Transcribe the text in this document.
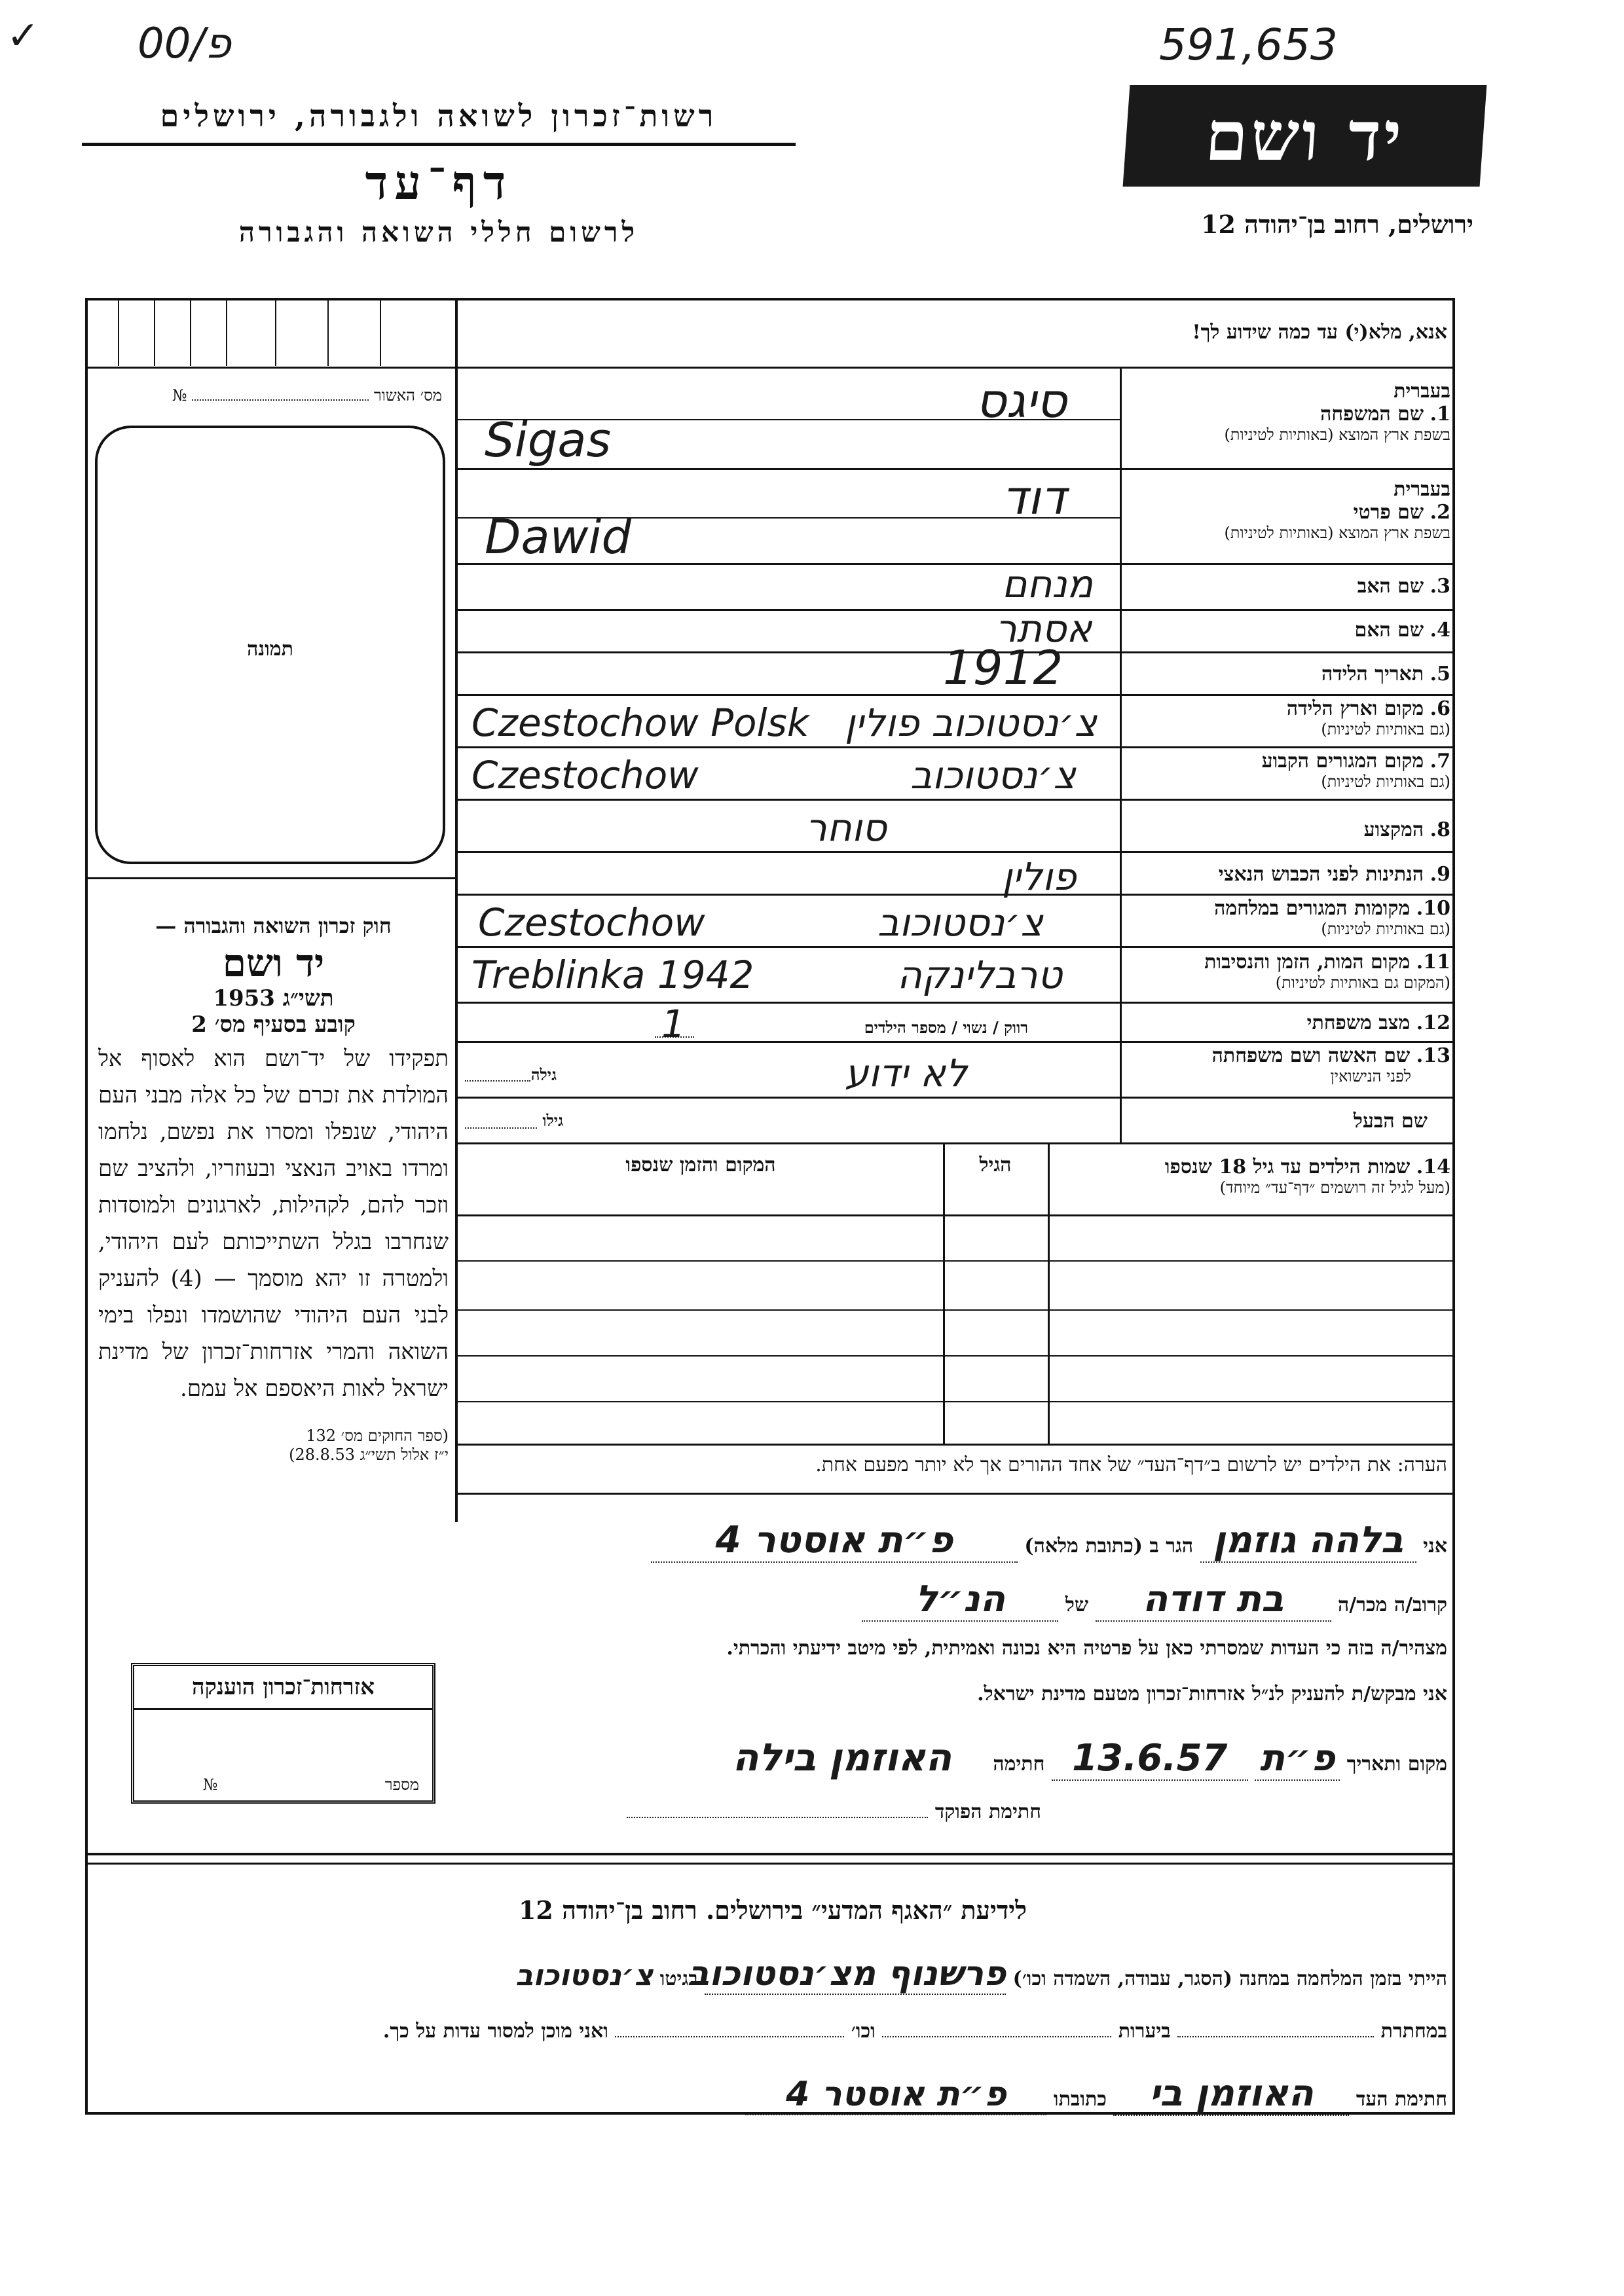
✓ פ/00	591,653
רשות־זכרון לשואה ולגבורה, ירושלים
דף־עד
לרשום חללי השואה והגבורה
יד ושם
ירושלים, רחוב בן־יהודה 12
אנא, מלא(י) עד כמה שידוע לך!
מס׳ האשור  №
תמונה
חוק זכרון השואה והגבורה —
יד ושם
תשי״ג 1953
קובע בסעיף מס׳ 2
תפקידו של יד־ושם הוא לאסוף אל המולדת את זכרם של כל אלה מבני העם היהודי, שנפלו ומסרו את נפשם, נלחמו ומרדו באויב הנאצי ובעוזריו, ולהציב שם וזכר להם, לקהילות, לארגונים ולמוסדות שנחרבו בגלל השתייכותם לעם היהודי, ולמטרה זו יהא מוסמך — (4) להעניק לבני העם היהודי שהושמדו ונפלו בימי השואה והמרי אזרחות־זכרון של מדינת ישראל לאות היאספם אל עמם.
(ספר החוקים מס׳ 132
י״ז אלול תשי״ג 28.8.53)
אזרחות־זכרון הוענקה
מספר  №
בעברית
1. שם המשפחה
בשפת ארץ המוצא (באותיות לטיניות)
בעברית
2. שם פרטי
בשפת ארץ המוצא (באותיות לטיניות)
3. שם האב
4. שם האם
5. תאריך הלידה
6. מקום וארץ הלידה
(גם באותיות לטיניות)
7. מקום המגורים הקבוע
(גם באותיות לטיניות)
8. המקצוע
9. הנתינות לפני הכבוש הנאצי
10. מקומות המגורים במלחמה
(גם באותיות לטיניות)
11. מקום המות, הזמן והנסיבות
(המקום גם באותיות לטיניות)
12. מצב משפחתי
13. שם האשה ושם משפחתה
לפני הנישואין
שם הבעל
14. שמות הילדים עד גיל 18 שנספו
(מעל לגיל זה רושמים ״דף־עד״ מיוחד)
הגיל
המקום והזמן שנספו
רווק / נשוי / מספר הילדים
גילה
גילו
סיגס
Sigas
דוד
Dawid
מנחם
אסתר
1912
צ׳נסטוכוב פולין
Czestochow Polsk
צ׳נסטוכוב
Czestochow
סוחר
פולין
צ׳נסטוכוב
Czestochow
טרבלינקה
Treblinka 1942
1
לא ידוע
הערה: את הילדים יש לרשום ב״דף־העד״ של אחד ההורים אך לא יותר מפעם אחת.
אני בלהה גוזמן הגר ב (כתובת מלאה) פ״ת אוסטר 4
קרוב/ה מכר/ה בת דודה של הנ״ל
מצהיר/ה בזה כי העדות שמסרתי כאן על פרטיה היא נכונה ואמיתית, לפי מיטב ידיעתי והכרתי.
אני מבקש/ת להעניק לנ״ל אזרחות־זכרון מטעם מדינת ישראל.
מקום ותאריך פ״ת 13.6.57 חתימה האוזמן בילה
חתימת הפוקד
לידיעת ״האגף המדעי״ בירושלים. רחוב בן־יהודה 12
הייתי בזמן המלחמה במחנה (הסגר, עבודה, השמדה וכו׳) פרשנוף מצ׳נסטוכוב בגיטו צ׳נסטוכוב
במחתרת  ביערות  וכו׳  ואני מוכן למסור עדות על כך.
חתימת העד האוזמן בי כתובתו פ״ת אוסטר 4
